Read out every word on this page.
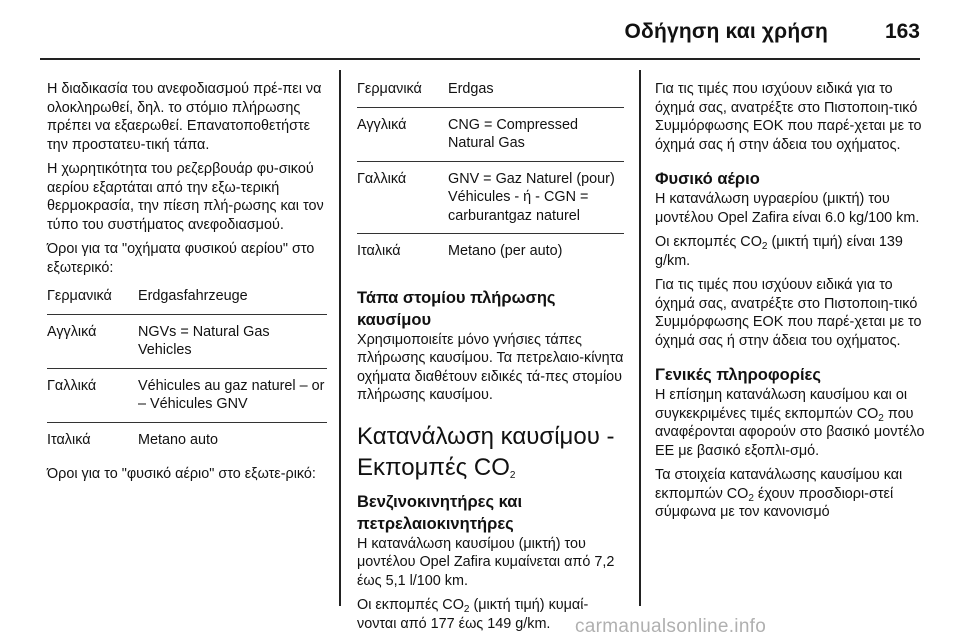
Οδήγηση και χρήση	163

Η διαδικασία του ανεφοδιασμού πρέ-πει να ολοκληρωθεί, δηλ. το στόμιο πλήρωσης πρέπει να εξαερωθεί. Επανατοποθετήστε την προστατευ-τική τάπα.

Η χωρητικότητα του ρεζερβουάρ φυ-σικού αερίου εξαρτάται από την εξω-τερική θερμοκρασία, την πίεση πλή-ρωσης και τον τύπο του συστήματος ανεφοδιασμού.

Όροι για τα "οχήματα φυσικού αερίου" στο εξωτερικό:

Γερμανικά	Erdgasfahrzeuge
Αγγλικά	NGVs = Natural Gas Vehicles
Γαλλικά	Véhicules au gaz naturel – or – Véhicules GNV
Ιταλικά	Metano auto

Όροι για το "φυσικό αέριο" στο εξωτε-ρικό:

Γερμανικά	Erdgas
Αγγλικά	CNG = Compressed Natural Gas
Γαλλικά	GNV = Gaz Naturel (pour) Véhicules - ή - CGN = carburantgaz naturel
Ιταλικά	Metano (per auto)
Τάπα στομίου πλήρωσης καυσίμου

Χρησιμοποιείτε μόνο γνήσιες τάπες πλήρωσης καυσίμου. Τα πετρελαιο-κίνητα οχήματα διαθέτουν ειδικές τά-πες στομίου πλήρωσης καυσίμου.

Κατανάλωση καυσίμου - Εκπομπές $CO_2$
Βενζινοκινητήρες και πετρελαιοκινητήρες

Η κατανάλωση καυσίμου (μικτή) του μοντέλου Opel Zafira κυμαίνεται από 7,2 έως 5,1 l/100 km.

Οι εκπομπές $CO_2$ (μικτή τιμή) κυμαί-νονται από 177 έως 149 g/km.

Για τις τιμές που ισχύουν ειδικά για το όχημά σας, ανατρέξτε στο Πιστοποιη-τικό Συμμόρφωσης ΕΟΚ που παρέ-χεται με το όχημά σας ή στην άδεια του οχήματος.

Φυσικό αέριο

Η κατανάλωση υγραερίου (μικτή) του μοντέλου Opel Zafira είναι 6.0 kg/100 km.

Οι εκπομπές $CO_2$ (μικτή τιμή) είναι 139 g/km.

Για τις τιμές που ισχύουν ειδικά για το όχημά σας, ανατρέξτε στο Πιστοποιη-τικό Συμμόρφωσης ΕΟΚ που παρέ-χεται με το όχημά σας ή στην άδεια του οχήματος.

Γενικές πληροφορίες

Η επίσημη κατανάλωση καυσίμου και οι συγκεκριμένες τιμές εκπομπών $CO_2$ που αναφέρονται αφορούν στο βασικό μοντέλο ΕΕ με βασικό εξοπλι-σμό.

Τα στοιχεία κατανάλωσης καυσίμου και εκπομπών $CO_2$ έχουν προσδιορι-στεί σύμφωνα με τον κανονισμό

carmanualsonline.info
